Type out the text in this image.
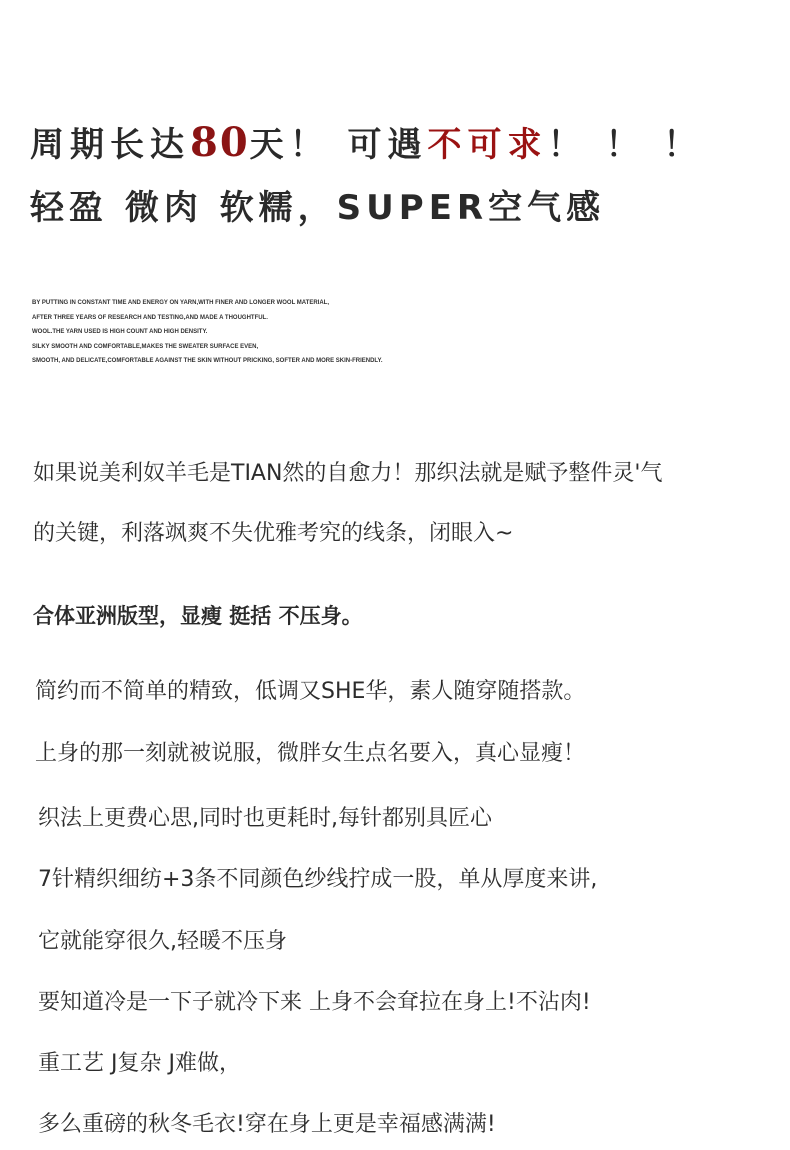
周期长达80天！ 可遇不可求！ ！ ！
轻盈 微肉 软糯，SUPER空气感
BY PUTTING IN CONSTANT TIME AND ENERGY ON YARN,WITH FINER AND LONGER WOOL MATERIAL,
AFTER THREE YEARS OF RESEARCH AND TESTING,AND MADE A THOUGHTFUL.
WOOL.THE YARN USED IS HIGH COUNT AND HIGH DENSITY.
SILKY SMOOTH AND COMFORTABLE,MAKES THE SWEATER SURFACE EVEN,
SMOOTH, AND DELICATE,COMFORTABLE AGAINST THE SKIN WITHOUT PRICKING, SOFTER AND MORE SKIN-FRIENDLY.
如果说美利奴羊毛是TIAN然的自愈力！那织法就是赋予整件灵'气
的关键，利落飒爽不失优雅考究的线条，闭眼入~
合体亚洲版型，显瘦 挺括 不压身。
简约而不简单的精致，低调又SHE华，素人随穿随搭款。
上身的那一刻就被说服，微胖女生点名要入，真心显瘦！
织法上更费心思,同时也更耗时,每针都别具匠心
7针精织细纺+3条不同颜色纱线拧成一股，单从厚度来讲,
它就能穿很久,轻暖不压身
要知道冷是一下子就冷下来 上身不会耷拉在身上!不沾肉!
重工艺 J复杂 J难做，
多么重磅的秋冬毛衣!穿在身上更是幸福感满满!
